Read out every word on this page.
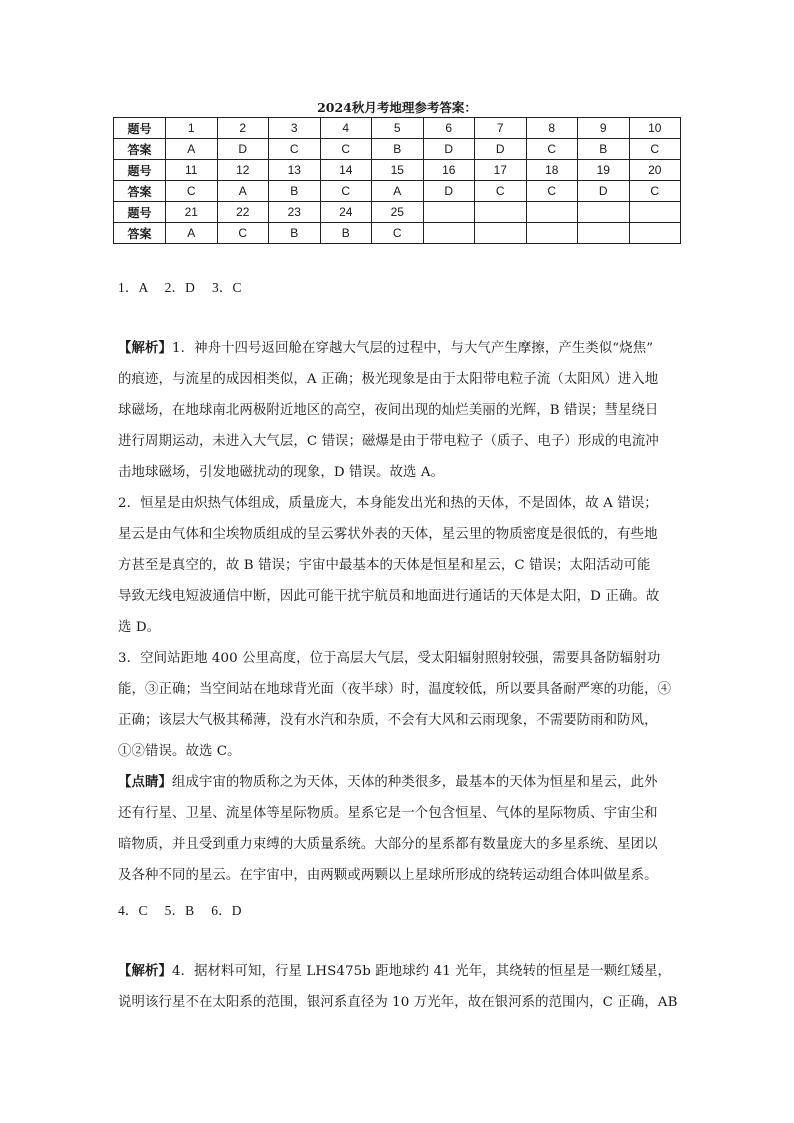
2024秋月考地理参考答案：
题号	1	2	3	4	5	6	7	8	9	10
答案	A	D	C	C	B	D	D	C	B	C
题号	11	12	13	14	15	16	17	18	19	20
答案	C	A	B	C	A	D	C	C	D	C
题号	21	22	23	24	25					
答案	A	C	B	B	C					
1．A　 2．D　 3．C
【解析】1．神舟十四号返回舱在穿越大气层的过程中，与大气产生摩擦，产生类似“烧焦”
的痕迹，与流星的成因相类似，A 正确；极光现象是由于太阳带电粒子流（太阳风）进入地
球磁场，在地球南北两极附近地区的高空，夜间出现的灿烂美丽的光辉，B 错误；彗星绕日
进行周期运动，未进入大气层，C 错误；磁爆是由于带电粒子（质子、电子）形成的电流冲
击地球磁场，引发地磁扰动的现象，D 错误。故选 A。
2．恒星是由炽热气体组成，质量庞大，本身能发出光和热的天体，不是固体，故 A 错误；
星云是由气体和尘埃物质组成的呈云雾状外表的天体，星云里的物质密度是很低的，有些地
方甚至是真空的，故 B 错误；宇宙中最基本的天体是恒星和星云，C 错误；太阳活动可能
导致无线电短波通信中断，因此可能干扰宇航员和地面进行通话的天体是太阳，D 正确。故
选 D。
3．空间站距地 400 公里高度，位于高层大气层，受太阳辐射照射较强，需要具备防辐射功
能，③正确；当空间站在地球背光面（夜半球）时，温度较低，所以要具备耐严寒的功能，④
正确；该层大气极其稀薄，没有水汽和杂质，不会有大风和云雨现象，不需要防雨和防风，
①②错误。故选 C。
【点睛】组成宇宙的物质称之为天体，天体的种类很多，最基本的天体为恒星和星云，此外
还有行星、卫星、流星体等星际物质。星系它是一个包含恒星、气体的星际物质、宇宙尘和
暗物质，并且受到重力束缚的大质量系统。大部分的星系都有数量庞大的多星系统、星团以
及各种不同的星云。在宇宙中，由两颗或两颗以上星球所形成的绕转运动组合体叫做星系。
4．C　 5．B　 6．D
【解析】4．据材料可知，行星 LHS475b 距地球约 41 光年，其绕转的恒星是一颗红矮星，
说明该行星不在太阳系的范围，银河系直径为 10 万光年，故在银河系的范围内，C 正确，AB
